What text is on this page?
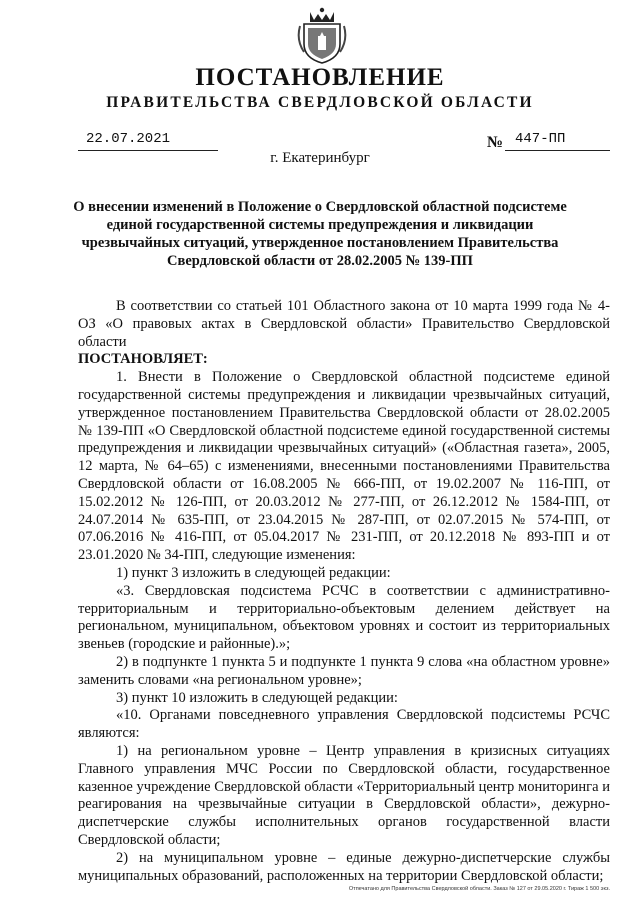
ПОСТАНОВЛЕНИЕ
ПРАВИТЕЛЬСТВА СВЕРДЛОВСКОЙ ОБЛАСТИ
22.07.2021	№ 447-ПП
г. Екатеринбург
О внесении изменений в Положение о Свердловской областной подсистеме единой государственной системы предупреждения и ликвидации чрезвычайных ситуаций, утвержденное постановлением Правительства Свердловской области от 28.02.2005 № 139-ПП

В соответствии со статьей 101 Областного закона от 10 марта 1999 года № 4-ОЗ «О правовых актах в Свердловской области» Правительство Свердловской области

ПОСТАНОВЛЯЕТ:

1. Внести в Положение о Свердловской областной подсистеме единой государственной системы предупреждения и ликвидации чрезвычайных ситуаций, утвержденное постановлением Правительства Свердловской области от 28.02.2005 № 139-ПП «О Свердловской областной подсистеме единой государственной системы предупреждения и ликвидации чрезвычайных ситуаций» («Областная газета», 2005, 12 марта, № 64–65) с изменениями, внесенными постановлениями Правительства Свердловской области от 16.08.2005 № 666-ПП, от 19.02.2007 № 116-ПП, от 15.02.2012 № 126-ПП, от 20.03.2012 № 277-ПП, от 26.12.2012 № 1584-ПП, от 24.07.2014 № 635-ПП, от 23.04.2015 № 287-ПП, от 02.07.2015 № 574-ПП, от 07.06.2016 № 416-ПП, от 05.04.2017 № 231-ПП, от 20.12.2018 № 893-ПП и от 23.01.2020 № 34-ПП, следующие изменения:

1) пункт 3 изложить в следующей редакции:

«3. Свердловская подсистема РСЧС в соответствии с административно-территориальным и территориально-объектовым делением действует на региональном, муниципальном, объектовом уровнях и состоит из территориальных звеньев (городские и районные).»;

2) в подпункте 1 пункта 5 и подпункте 1 пункта 9 слова «на областном уровне» заменить словами «на региональном уровне»;

3) пункт 10 изложить в следующей редакции:

«10. Органами повседневного управления Свердловской подсистемы РСЧС являются:

1) на региональном уровне – Центр управления в кризисных ситуациях Главного управления МЧС России по Свердловской области, государственное казенное учреждение Свердловской области «Территориальный центр мониторинга и реагирования на чрезвычайные ситуации в Свердловской области», дежурно-диспетчерские службы исполнительных органов государственной власти Свердловской области;

2) на муниципальном уровне – единые дежурно-диспетчерские службы муниципальных образований, расположенных на территории Свердловской области;

Отпечатано для Правительства Свердловской области. Заказ № 127 от 29.05.2020 г. Тираж 1 500 экз.
